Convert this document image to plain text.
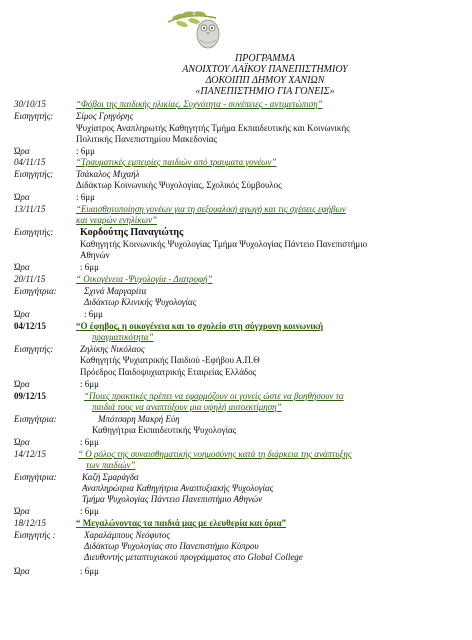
ΠΡΟΓΡΑΜΜΑ
ΑΝΟΙΧΤΟΥ ΛΑΪΚΟΥ ΠΑΝΕΠΙΣΤΗΜΙΟΥ
ΔΟΚΟΙΠΠ ΔΗΜΟΥ ΧΑΝΙΩΝ
«ΠΑΝΕΠΙΣΤΗΜΙΟ ΓΙΑ ΓΟΝΕΙΣ»
30/10/15	“Φόβοι της παιδικής ηλικίας. Συχνότητα - συνέπειες - αντιμετώπιση”
Εισηγητής:	Σίμος Γρηγόρης
Ψυχίατρος Αναπληρωτής Καθηγητής Τμήμα Εκπαιδευτικής και Κοινωνικής
Πολιτικής Πανεπιστημίου Μακεδονίας
Ώρα	: 6μμ
04/11/15	“Τραυματικές εμπειρίες παιδιών από τραυματα γονέων”
Εισηγητής:	Τσάκαλος Μιχαήλ
Διδάκτωρ Κοινωνικής Ψυχολογίας, Σχολικός Σύμβουλος
Ώρα	: 6μμ
13/11/15	“Ευαισθητοποίηση γονέων για τη σεξουαλική αγωγή και τις σχέσεις εφήβων
και νεαρών ενηλίκων”
Εισηγητής:	Κορδούτης Παναγιώτης
Καθηγητής Κοινωνικής Ψυχολογίας Τμήμα Ψυχολογίας Πάντειο Πανεπιστήμιο
Αθηνών
Ώρα	: 6μμ
20/11/15	“ Οικογένεια -Ψυχολογία - Διατροφή”
Εισηγήτρια:	Σχινά Μαργαρίτα
Διδάκτωρ Κλινικής Ψυχολογίας
Ώρα	: 6μμ
04/12/15	“Ο έφηβος, η οικογένεια και το σχολείο στη σύγχρονη κοινωνική
πραγματικότητα”
Εισηγητής:	Ζηλίκης Νικόλαος
Καθηγητής Ψυχιατρικής Παιδιού -Εφήβου Α.Π.Θ
Πρόεδρος Παιδοψυχιατρικής Εταιρείας Ελλάδος
Ώρα	: 6μμ
09/12/15	“Ποιες πρακτικές πρέπει να εφαρμόζουν οι γονείς ώστε να βοηθήσουν τα
παιδιά τους να αναπτύξουν μια υψηλή αυτοεκτίμηση”
Εισηγήτρια:	Μπότσαρη Μακρή Εύη
Καθηγήτρια Εκπαιδευτικής Ψυχολογίας
Ώρα	: 6μμ
14/12/15	“ Ο ρόλος της συναισθηματικής νοημοσύνης κατά τη διάρκεια της ανάπτυξης
των παιδιών”
Εισηγήτρια:	Καζή Σμαράγδα
Αναπληρώτρια Καθηγήτρια Αναπτυξιακής Ψυχολογίας
Τμήμα Ψυχολογίας Πάντειο Πανεπιστήμιο Αθηνών
Ώρα	: 6μμ
18/12/15	“ Μεγαλώνοντας τα παιδιά μας με ελευθερία και όρια”
Εισηγητής :	Χαραλάμπους Νεόφυτος
Διδάκτωρ Ψυχολογίας στο Πανεπιστήμιο Κύπρου
Διευθυντής μεταπτυχιακού προγράμματος στο Global College
Ώρα	: 6μμ
